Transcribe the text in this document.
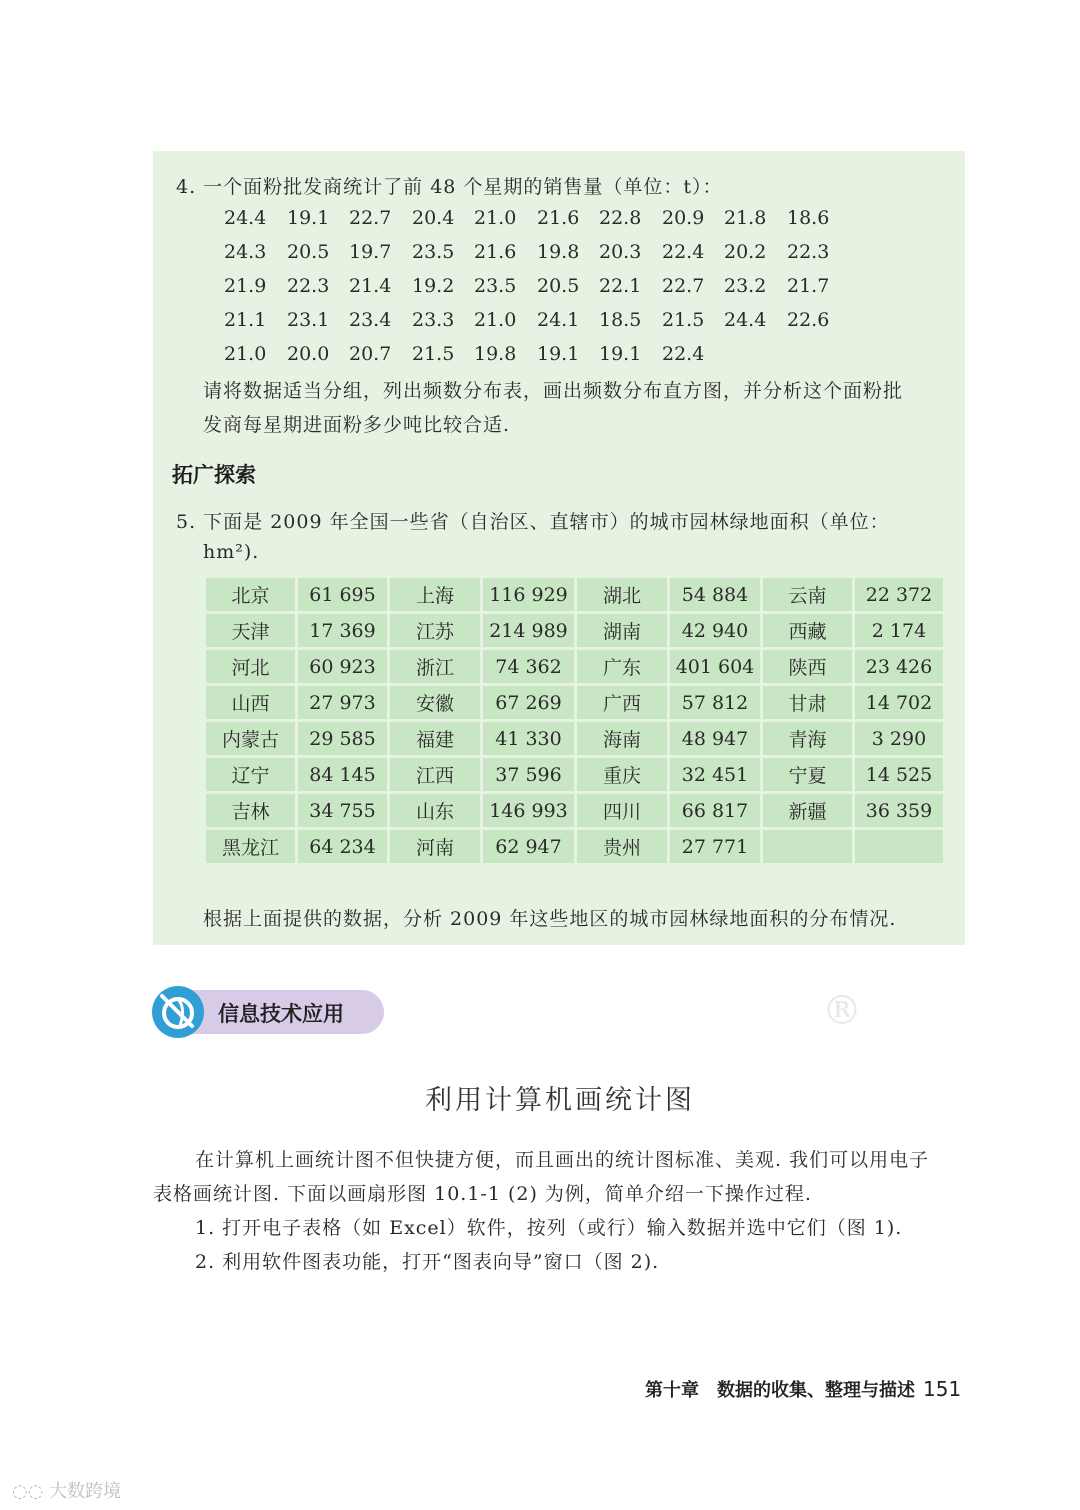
4. 一个面粉批发商统计了前 48 个星期的销售量（单位：t）：
24.4 19.1 22.7 20.4 21.0 21.6 22.8 20.9 21.8 18.6
24.3 20.5 19.7 23.5 21.6 19.8 20.3 22.4 20.2 22.3
21.9 22.3 21.4 19.2 23.5 20.5 22.1 22.7 23.2 21.7
21.1 23.1 23.4 23.3 21.0 24.1 18.5 21.5 24.4 22.6
21.0 20.0 20.7 21.5 19.8 19.1 19.1 22.4
请将数据适当分组，列出频数分布表，画出频数分布直方图，并分析这个面粉批
发商每星期进面粉多少吨比较合适.
拓广探索
5. 下面是 2009 年全国一些省（自治区、直辖市）的城市园林绿地面积（单位：
hm²).
北京	61 695	上海	116 929	湖北	54 884	云南	22 372
天津	17 369	江苏	214 989	湖南	42 940	西藏	2 174
河北	60 923	浙江	74 362	广东	401 604	陕西	23 426
山西	27 973	安徽	67 269	广西	57 812	甘肃	14 702
内蒙古	29 585	福建	41 330	海南	48 947	青海	3 290
辽宁	84 145	江西	37 596	重庆	32 451	宁夏	14 525
吉林	34 755	山东	146 993	四川	66 817	新疆	36 359
黑龙江	64 234	河南	62 947	贵州	27 771		
根据上面提供的数据，分析 2009 年这些地区的城市园林绿地面积的分布情况.
®
信息技术应用
利用计算机画统计图
在计算机上画统计图不但快捷方便，而且画出的统计图标准、美观. 我们可以用电子
表格画统计图. 下面以画扇形图 10.1-1 (2) 为例，简单介绍一下操作过程.
1. 打开电子表格（如 Excel）软件，按列（或行）输入数据并选中它们（图 1).
2. 利用软件图表功能，打开“图表向导”窗口（图 2).
第十章　数据的收集、整理与描述 151
◌◌ 大数跨境
